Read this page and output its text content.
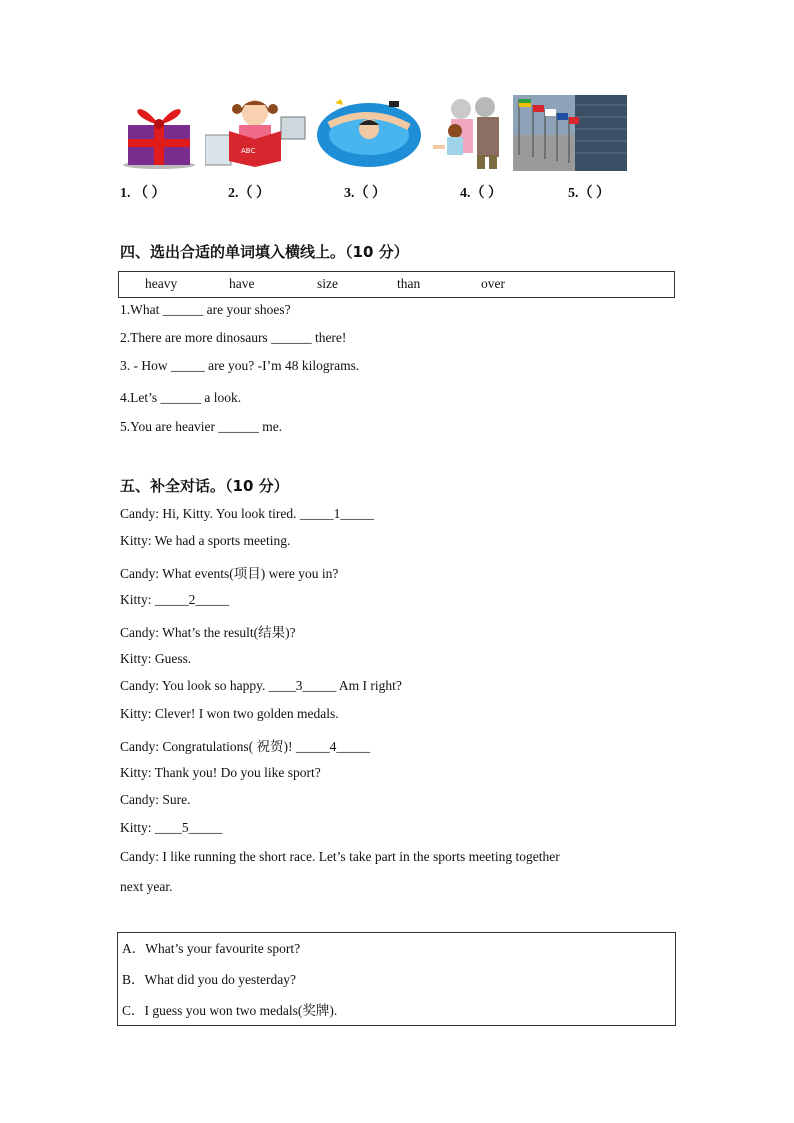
ABC
1. （ ）	2.（ ）	3.（ ）	4.（ ）	5.（ ）
四、选出合适的单词填入横线上。（10 分）
heavy	have	size	than	over
1.What ______ are your shoes?
2.There are more dinosaurs ______ there!
3. - How _____ are you? -I’m 48 kilograms.
4.Let’s ______ a look.
5.You are heavier ______ me.
五、补全对话。（10 分）
Candy: Hi, Kitty. You look tired. _____1_____
Kitty: We had a sports meeting.
Candy: What events(项目) were you in?
Kitty: _____2_____
Candy: What’s the result(结果)?
Kitty: Guess.
Candy: You look so happy. ____3_____ Am I right?
Kitty: Clever! I won two golden medals.
Candy: Congratulations( 祝贺)! _____4_____
Kitty: Thank you! Do you like sport?
Candy: Sure.
Kitty: ____5_____
Candy: I like running the short race. Let’s take part in the sports meeting together
next year.
A．What’s your favourite sport?
B．What did you do yesterday?
C．I guess you won two medals(奖牌).
